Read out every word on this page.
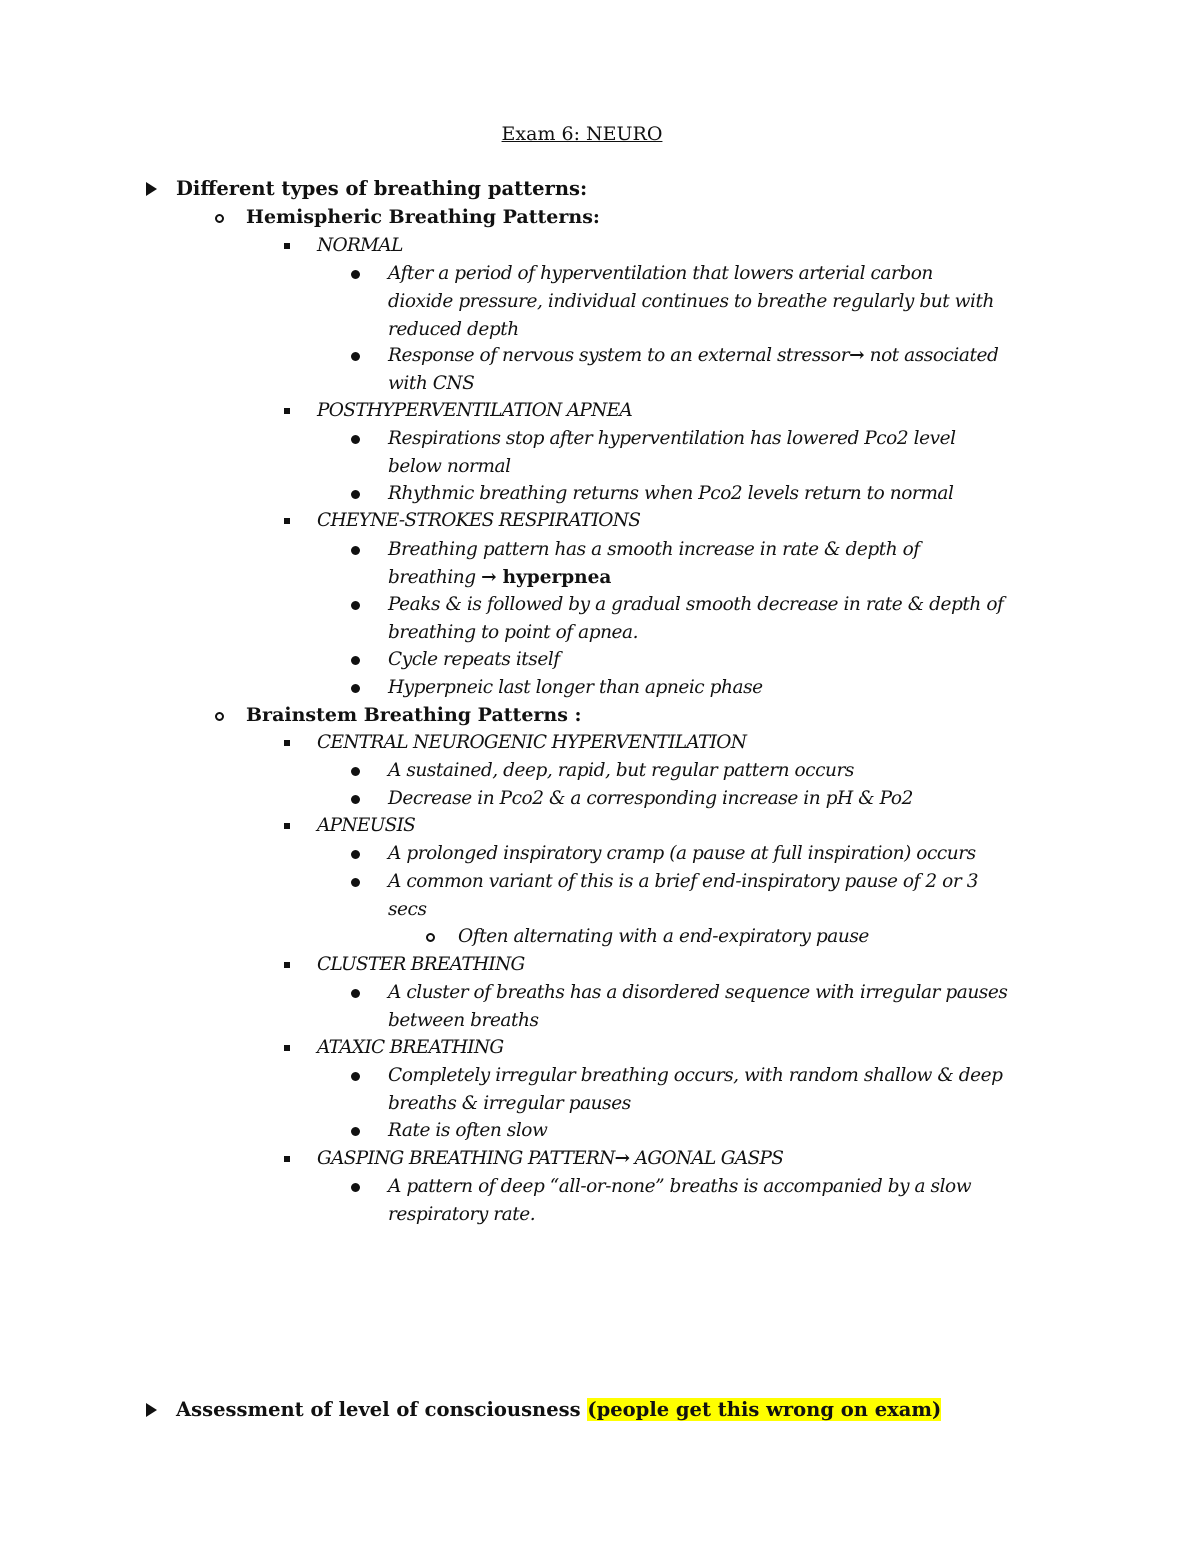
Exam 6: NEURO
Different types of breathing patterns:
Hemispheric Breathing Patterns:
NORMAL
After a period of hyperventilation that lowers arterial carbon
dioxide pressure, individual continues to breathe regularly but with
reduced depth
Response of nervous system to an external stressor→ not associated
with CNS
POSTHYPERVENTILATION APNEA
Respirations stop after hyperventilation has lowered Pco2 level
below normal
Rhythmic breathing returns when Pco2 levels return to normal
CHEYNE-STROKES RESPIRATIONS
Breathing pattern has a smooth increase in rate & depth of
breathing → hyperpnea
Peaks & is followed by a gradual smooth decrease in rate & depth of
breathing to point of apnea.
Cycle repeats itself
Hyperpneic last longer than apneic phase
Brainstem Breathing Patterns :
CENTRAL NEUROGENIC HYPERVENTILATION
A sustained, deep, rapid, but regular pattern occurs
Decrease in Pco2 & a corresponding increase in pH & Po2
APNEUSIS
A prolonged inspiratory cramp (a pause at full inspiration) occurs
A common variant of this is a brief end-inspiratory pause of 2 or 3
secs
Often alternating with a end-expiratory pause
CLUSTER BREATHING
A cluster of breaths has a disordered sequence with irregular pauses
between breaths
ATAXIC BREATHING
Completely irregular breathing occurs, with random shallow & deep
breaths & irregular pauses
Rate is often slow
GASPING BREATHING PATTERN→ AGONAL GASPS
A pattern of deep “all-or-none” breaths is accompanied by a slow
respiratory rate.
Assessment of level of consciousness (people get this wrong on exam)
